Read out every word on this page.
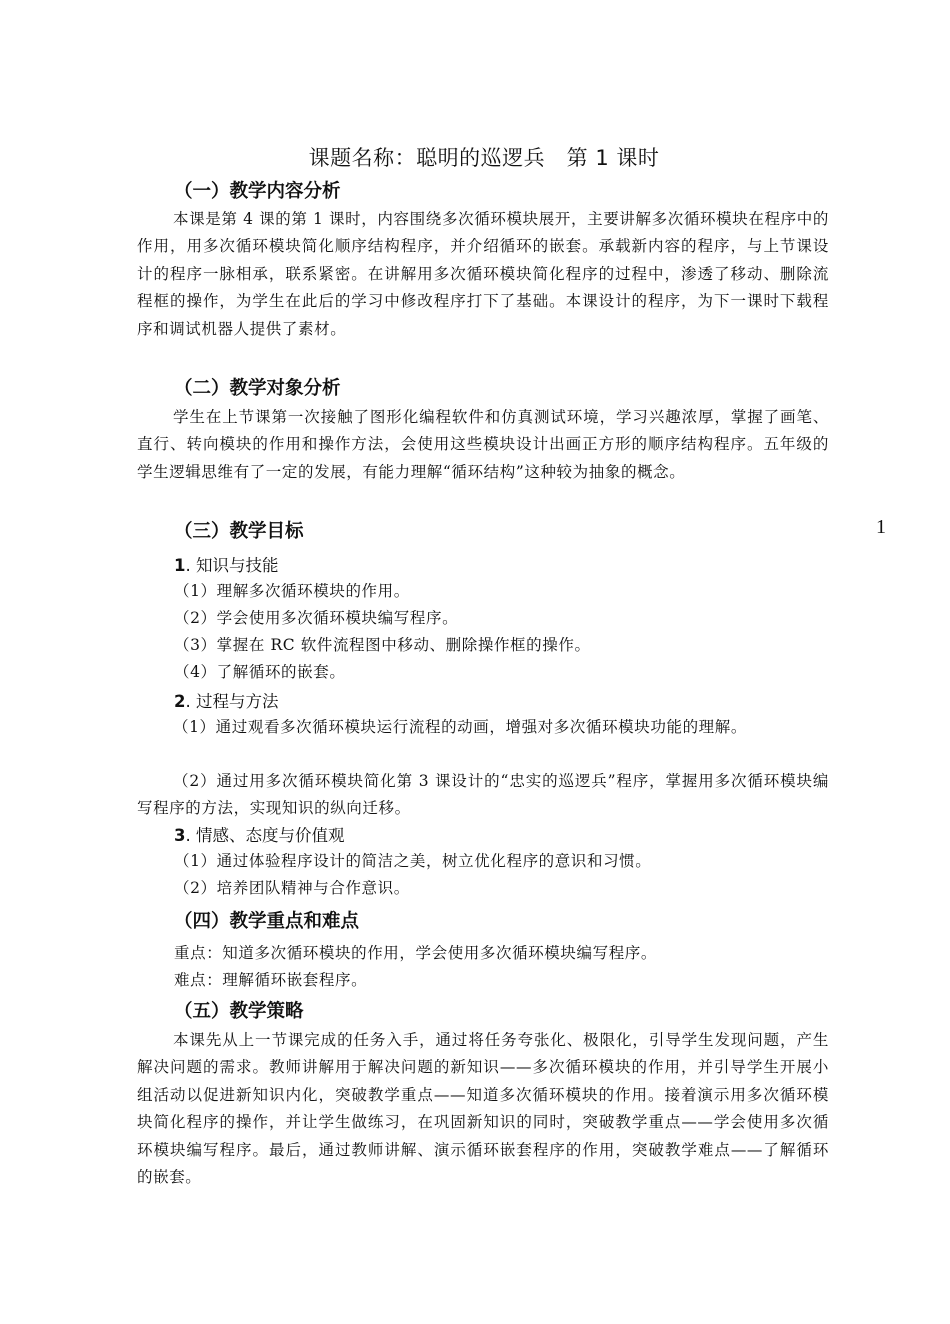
课题名称：聪明的巡逻兵　第 1 课时
（一）教学内容分析
本课是第 4 课的第 1 课时，内容围绕多次循环模块展开，主要讲解多次循环模块在程序中的作用，用多次循环模块简化顺序结构程序，并介绍循环的嵌套。承载新内容的程序，与上节课设计的程序一脉相承，联系紧密。在讲解用多次循环模块简化程序的过程中，渗透了移动、删除流程框的操作，为学生在此后的学习中修改程序打下了基础。本课设计的程序，为下一课时下载程序和调试机器人提供了素材。
（二）教学对象分析
学生在上节课第一次接触了图形化编程软件和仿真测试环境，学习兴趣浓厚，掌握了画笔、直行、转向模块的作用和操作方法，会使用这些模块设计出画正方形的顺序结构程序。五年级的学生逻辑思维有了一定的发展，有能力理解“循环结构”这种较为抽象的概念。
（三）教学目标
1. 知识与技能
（1）理解多次循环模块的作用。
（2）学会使用多次循环模块编写程序。
（3）掌握在 RC 软件流程图中移动、删除操作框的操作。
（4）了解循环的嵌套。
2. 过程与方法
（1）通过观看多次循环模块运行流程的动画，增强对多次循环模块功能的理解。
（2）通过用多次循环模块简化第 3 课设计的“忠实的巡逻兵”程序，掌握用多次循环模块编写程序的方法，实现知识的纵向迁移。
3. 情感、态度与价值观
（1）通过体验程序设计的简洁之美，树立优化程序的意识和习惯。
（2）培养团队精神与合作意识。
（四）教学重点和难点
重点：知道多次循环模块的作用，学会使用多次循环模块编写程序。
难点：理解循环嵌套程序。
（五）教学策略
本课先从上一节课完成的任务入手，通过将任务夸张化、极限化，引导学生发现问题，产生解决问题的需求。教师讲解用于解决问题的新知识——多次循环模块的作用，并引导学生开展小组活动以促进新知识内化，突破教学重点——知道多次循环模块的作用。接着演示用多次循环模块简化程序的操作，并让学生做练习，在巩固新知识的同时，突破教学重点——学会使用多次循环模块编写程序。最后，通过教师讲解、演示循环嵌套程序的作用，突破教学难点——了解循环的嵌套。
1
